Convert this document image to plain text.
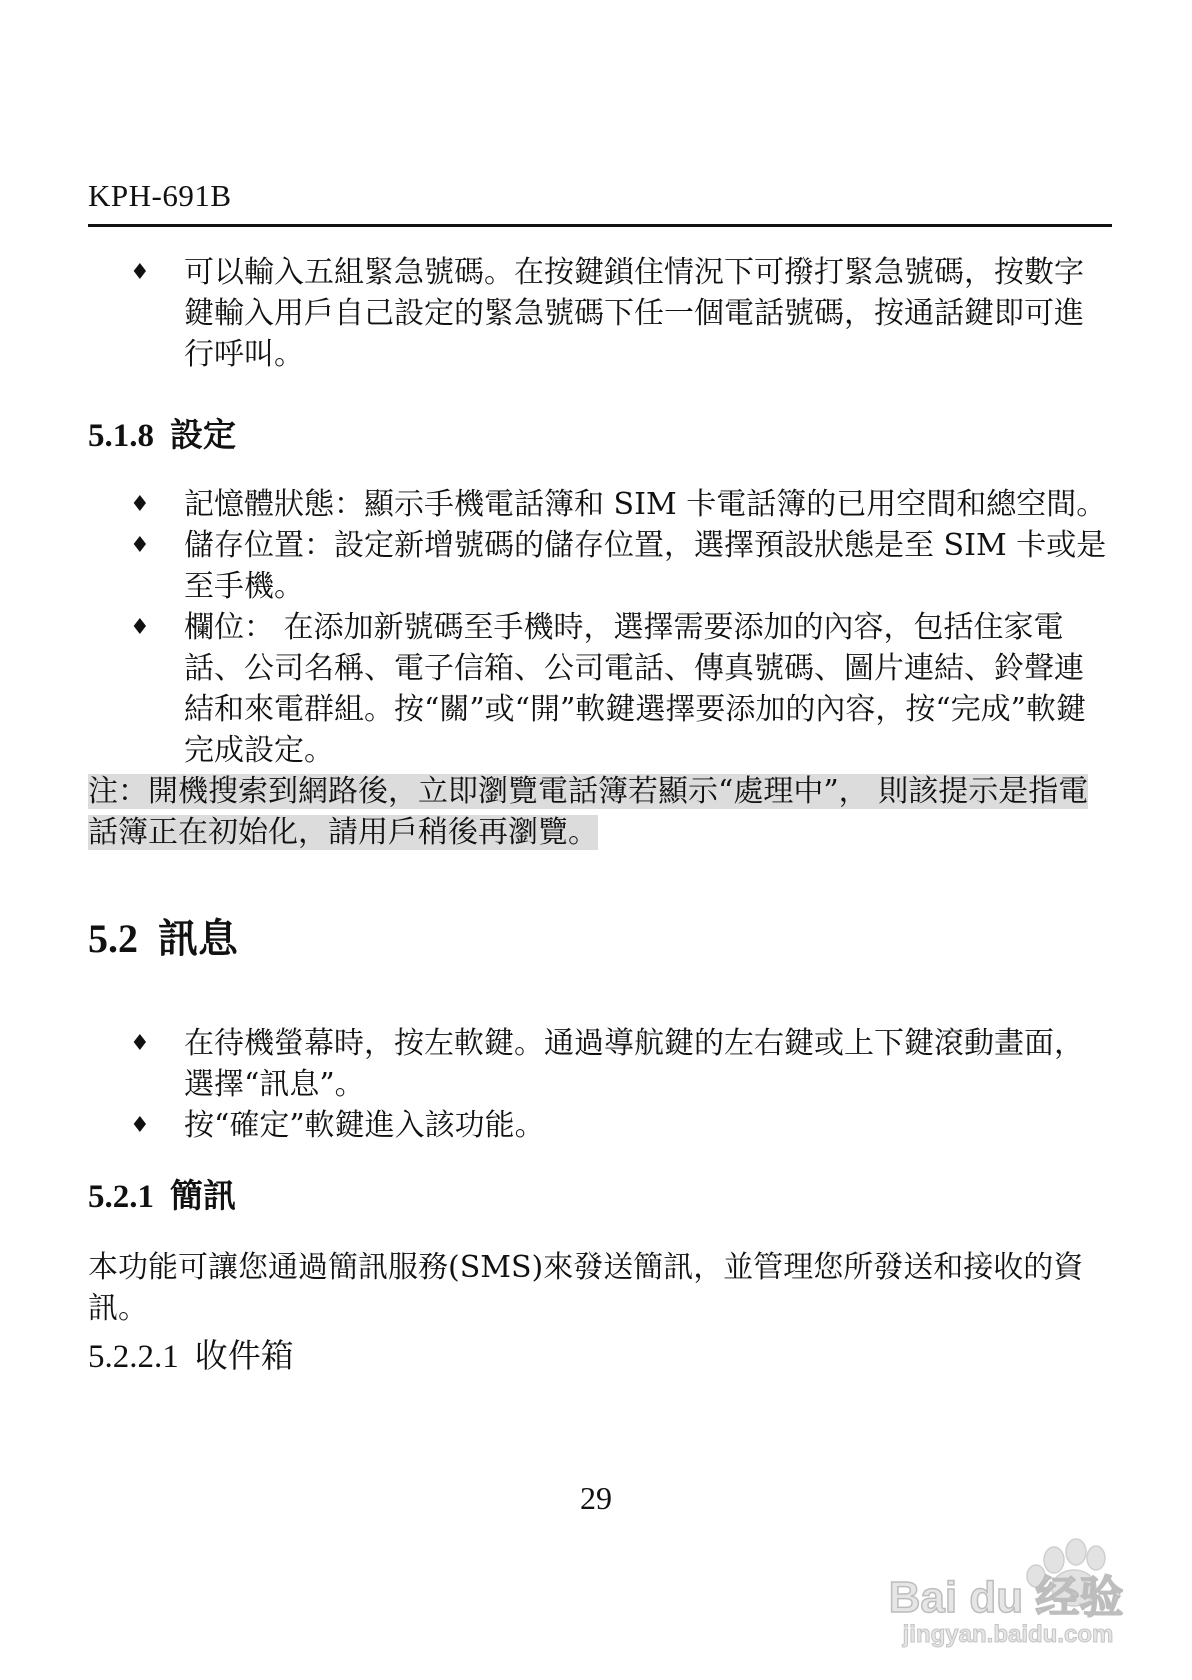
KPH-691B

♦ 可以輸入五組緊急號碼。在按鍵鎖住情況下可撥打緊急號碼，按數字鍵輸入用戶自己設定的緊急號碼下任一個電話號碼，按通話鍵即可進行呼叫。

5.1.8 設定

♦ 記憶體狀態：顯示手機電話簿和 SIM 卡電話簿的已用空間和總空間。

♦ 儲存位置：設定新增號碼的儲存位置，選擇預設狀態是至 SIM 卡或是至手機。

♦ 欄位： 在添加新號碼至手機時，選擇需要添加的內容，包括住家電話、公司名稱、電子信箱、公司電話、傳真號碼、圖片連結、鈴聲連結和來電群組。按“關”或“開”軟鍵選擇要添加的內容，按“完成”軟鍵完成設定。

注：開機搜索到網路後，立即瀏覽電話簿若顯示“處理中”， 則該提示是指電話簿正在初始化，請用戶稍後再瀏覽。

5.2 訊息

♦ 在待機螢幕時，按左軟鍵。通過導航鍵的左右鍵或上下鍵滾動畫面，選擇“訊息”。

♦ 按“確定”軟鍵進入該功能。

5.2.1 簡訊

本功能可讓您通過簡訊服務(SMS)來發送簡訊，並管理您所發送和接收的資訊。

5.2.2.1 收件箱

29
Bai du 经验
jingyan.baidu.com
